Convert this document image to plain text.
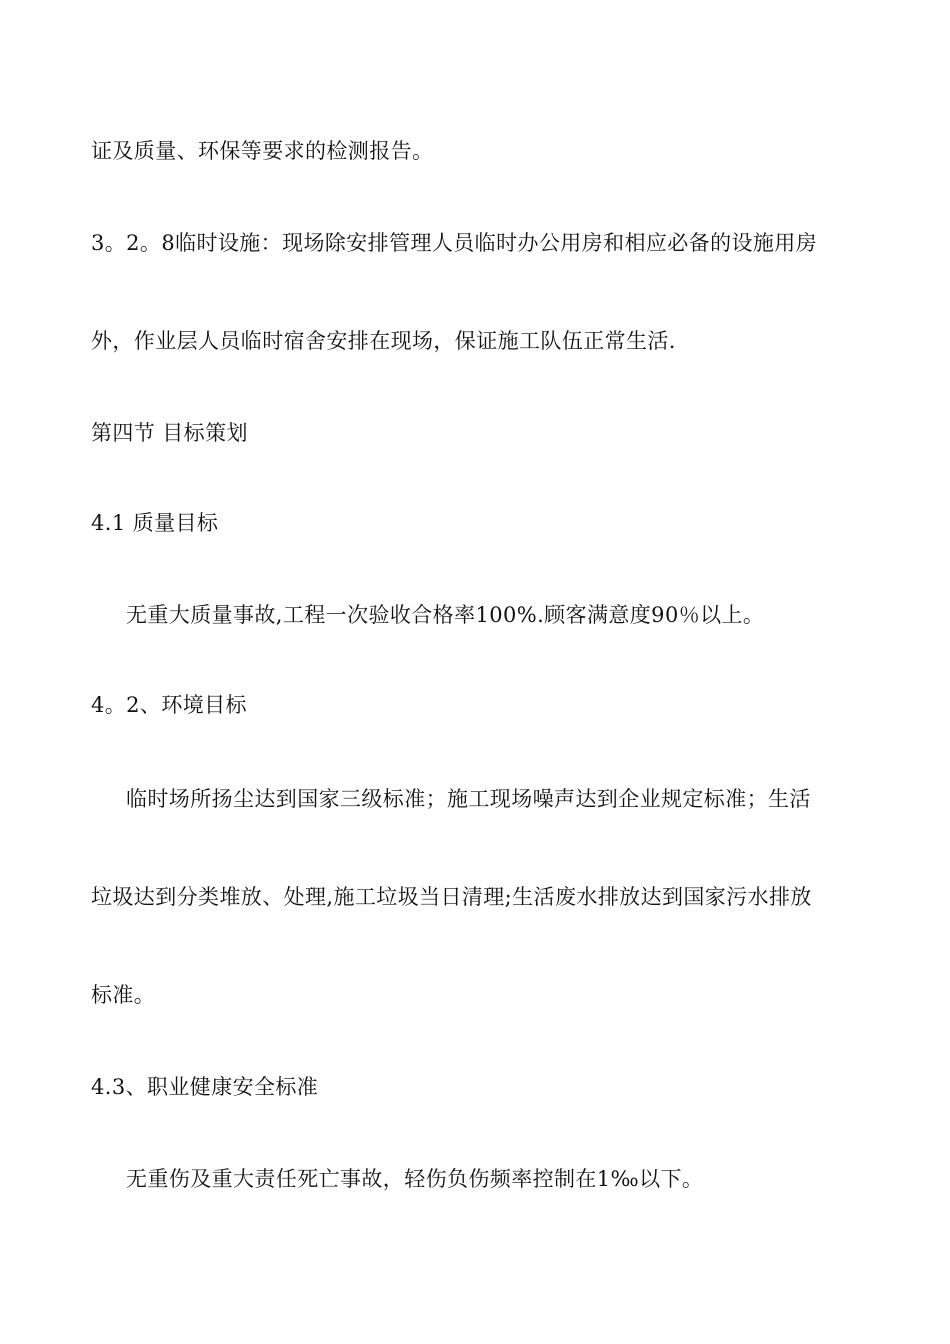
证及质量、环保等要求的检测报告。

3。2。8临时设施：现场除安排管理人员临时办公用房和相应必备的设施用房

外，作业层人员临时宿舍安排在现场，保证施工队伍正常生活.

第四节 目标策划

4.1 质量目标

无重大质量事故,工程一次验收合格率100%.顾客满意度90％以上。

4。2、环境目标

临时场所扬尘达到国家三级标准；施工现场噪声达到企业规定标准；生活

垃圾达到分类堆放、处理,施工垃圾当日清理;生活废水排放达到国家污水排放

标准。

4.3、职业健康安全标准

无重伤及重大责任死亡事故，轻伤负伤频率控制在1‰以下。
